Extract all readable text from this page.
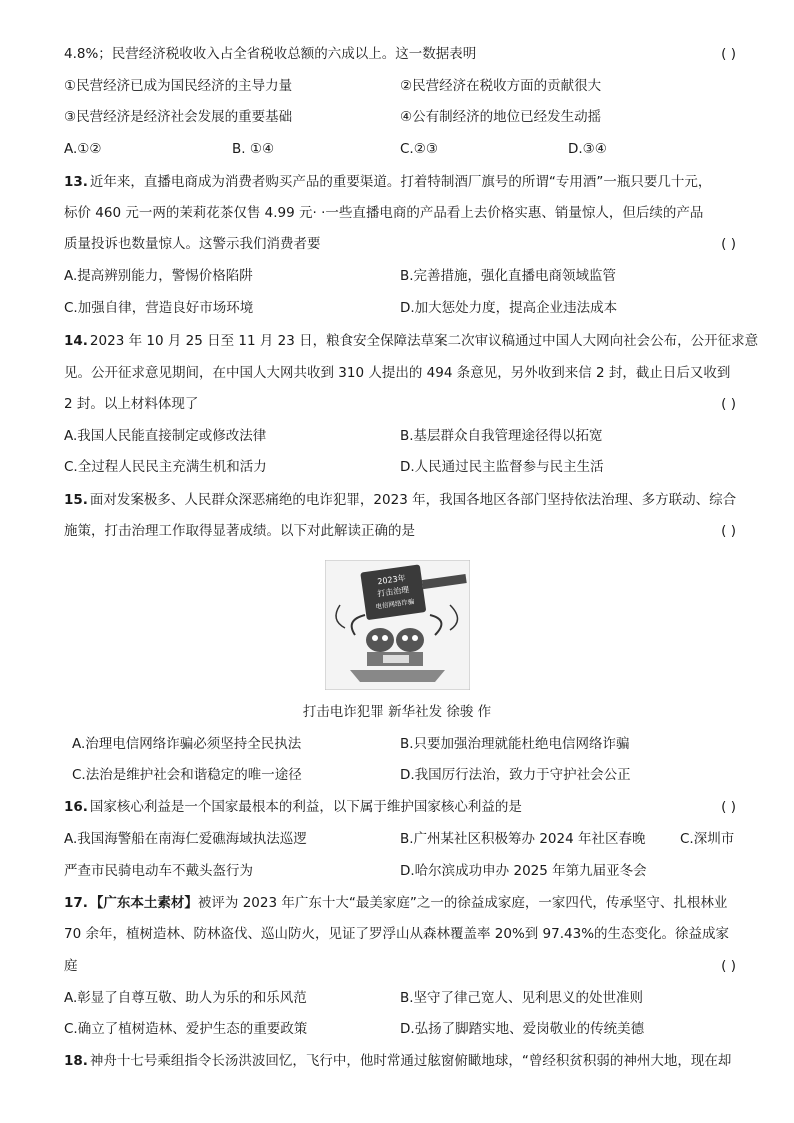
4.8%；民营经济税收收入占全省税收总额的六成以上。这一数据表明	( )
①民营经济已成为国民经济的主导力量	②民营经济在税收方面的贡献很大
③民营经济是经济社会发展的重要基础	④公有制经济的地位已经发生动摇
A.①②	B. ①④	C.②③	D.③④
13. 近年来，直播电商成为消费者购买产品的重要渠道。打着特制酒厂旗号的所谓“专用酒”一瓶只要几十元，
标价 460 元一两的茉莉花茶仅售 4.99 元· ·一些直播电商的产品看上去价格实惠、销量惊人，但后续的产品
质量投诉也数量惊人。这警示我们消费者要	( )
A.提高辨别能力，警惕价格陷阱	B.完善措施，强化直播电商领域监管
C.加强自律，营造良好市场环境	D.加大惩处力度，提高企业违法成本
14. 2023 年 10 月 25 日至 11 月 23 日，粮食安全保障法草案二次审议稿通过中国人大网向社会公布，公开征求意
见。公开征求意见期间，在中国人大网共收到 310 人提出的 494 条意见，另外收到来信 2 封，截止日后又收到
2 封。以上材料体现了	( )
A.我国人民能直接制定或修改法律	B.基层群众自我管理途径得以拓宽
C.全过程人民民主充满生机和活力	D.人民通过民主监督参与民主生活
15. 面对发案极多、人民群众深恶痛绝的电诈犯罪，2023 年，我国各地区各部门坚持依法治理、多方联动、综合
施策，打击治理工作取得显著成绩。以下对此解读正确的是	( )
2023年
打击治理
电信网络诈骗
打击电诈犯罪 新华社发 徐骏 作
A.治理电信网络诈骗必须坚持全民执法	B.只要加强治理就能杜绝电信网络诈骗
C.法治是维护社会和谐稳定的唯一途径	D.我国厉行法治，致力于守护社会公正
16. 国家核心利益是一个国家最根本的利益，以下属于维护国家核心利益的是	( )
A.我国海警船在南海仁爱礁海域执法巡逻	B.广州某社区积极筹办 2024 年社区春晚	C.深圳市
严查市民骑电动车不戴头盔行为	D.哈尔滨成功申办 2025 年第九届亚冬会
17. 【广东本土素材】被评为 2023 年广东十大“最美家庭”之一的徐益成家庭，一家四代，传承坚守、扎根林业
70 余年，植树造林、防林盗伐、巡山防火，见证了罗浮山从森林覆盖率 20%到 97.43%的生态变化。徐益成家
庭	( )
A.彰显了自尊互敬、助人为乐的和乐风范	B.坚守了律己宽人、见利思义的处世准则
C.确立了植树造林、爱护生态的重要政策	D.弘扬了脚踏实地、爱岗敬业的传统美德
18. 神舟十七号乘组指令长汤洪波回忆，飞行中，他时常通过舷窗俯瞰地球，“曾经积贫积弱的神州大地，现在却
